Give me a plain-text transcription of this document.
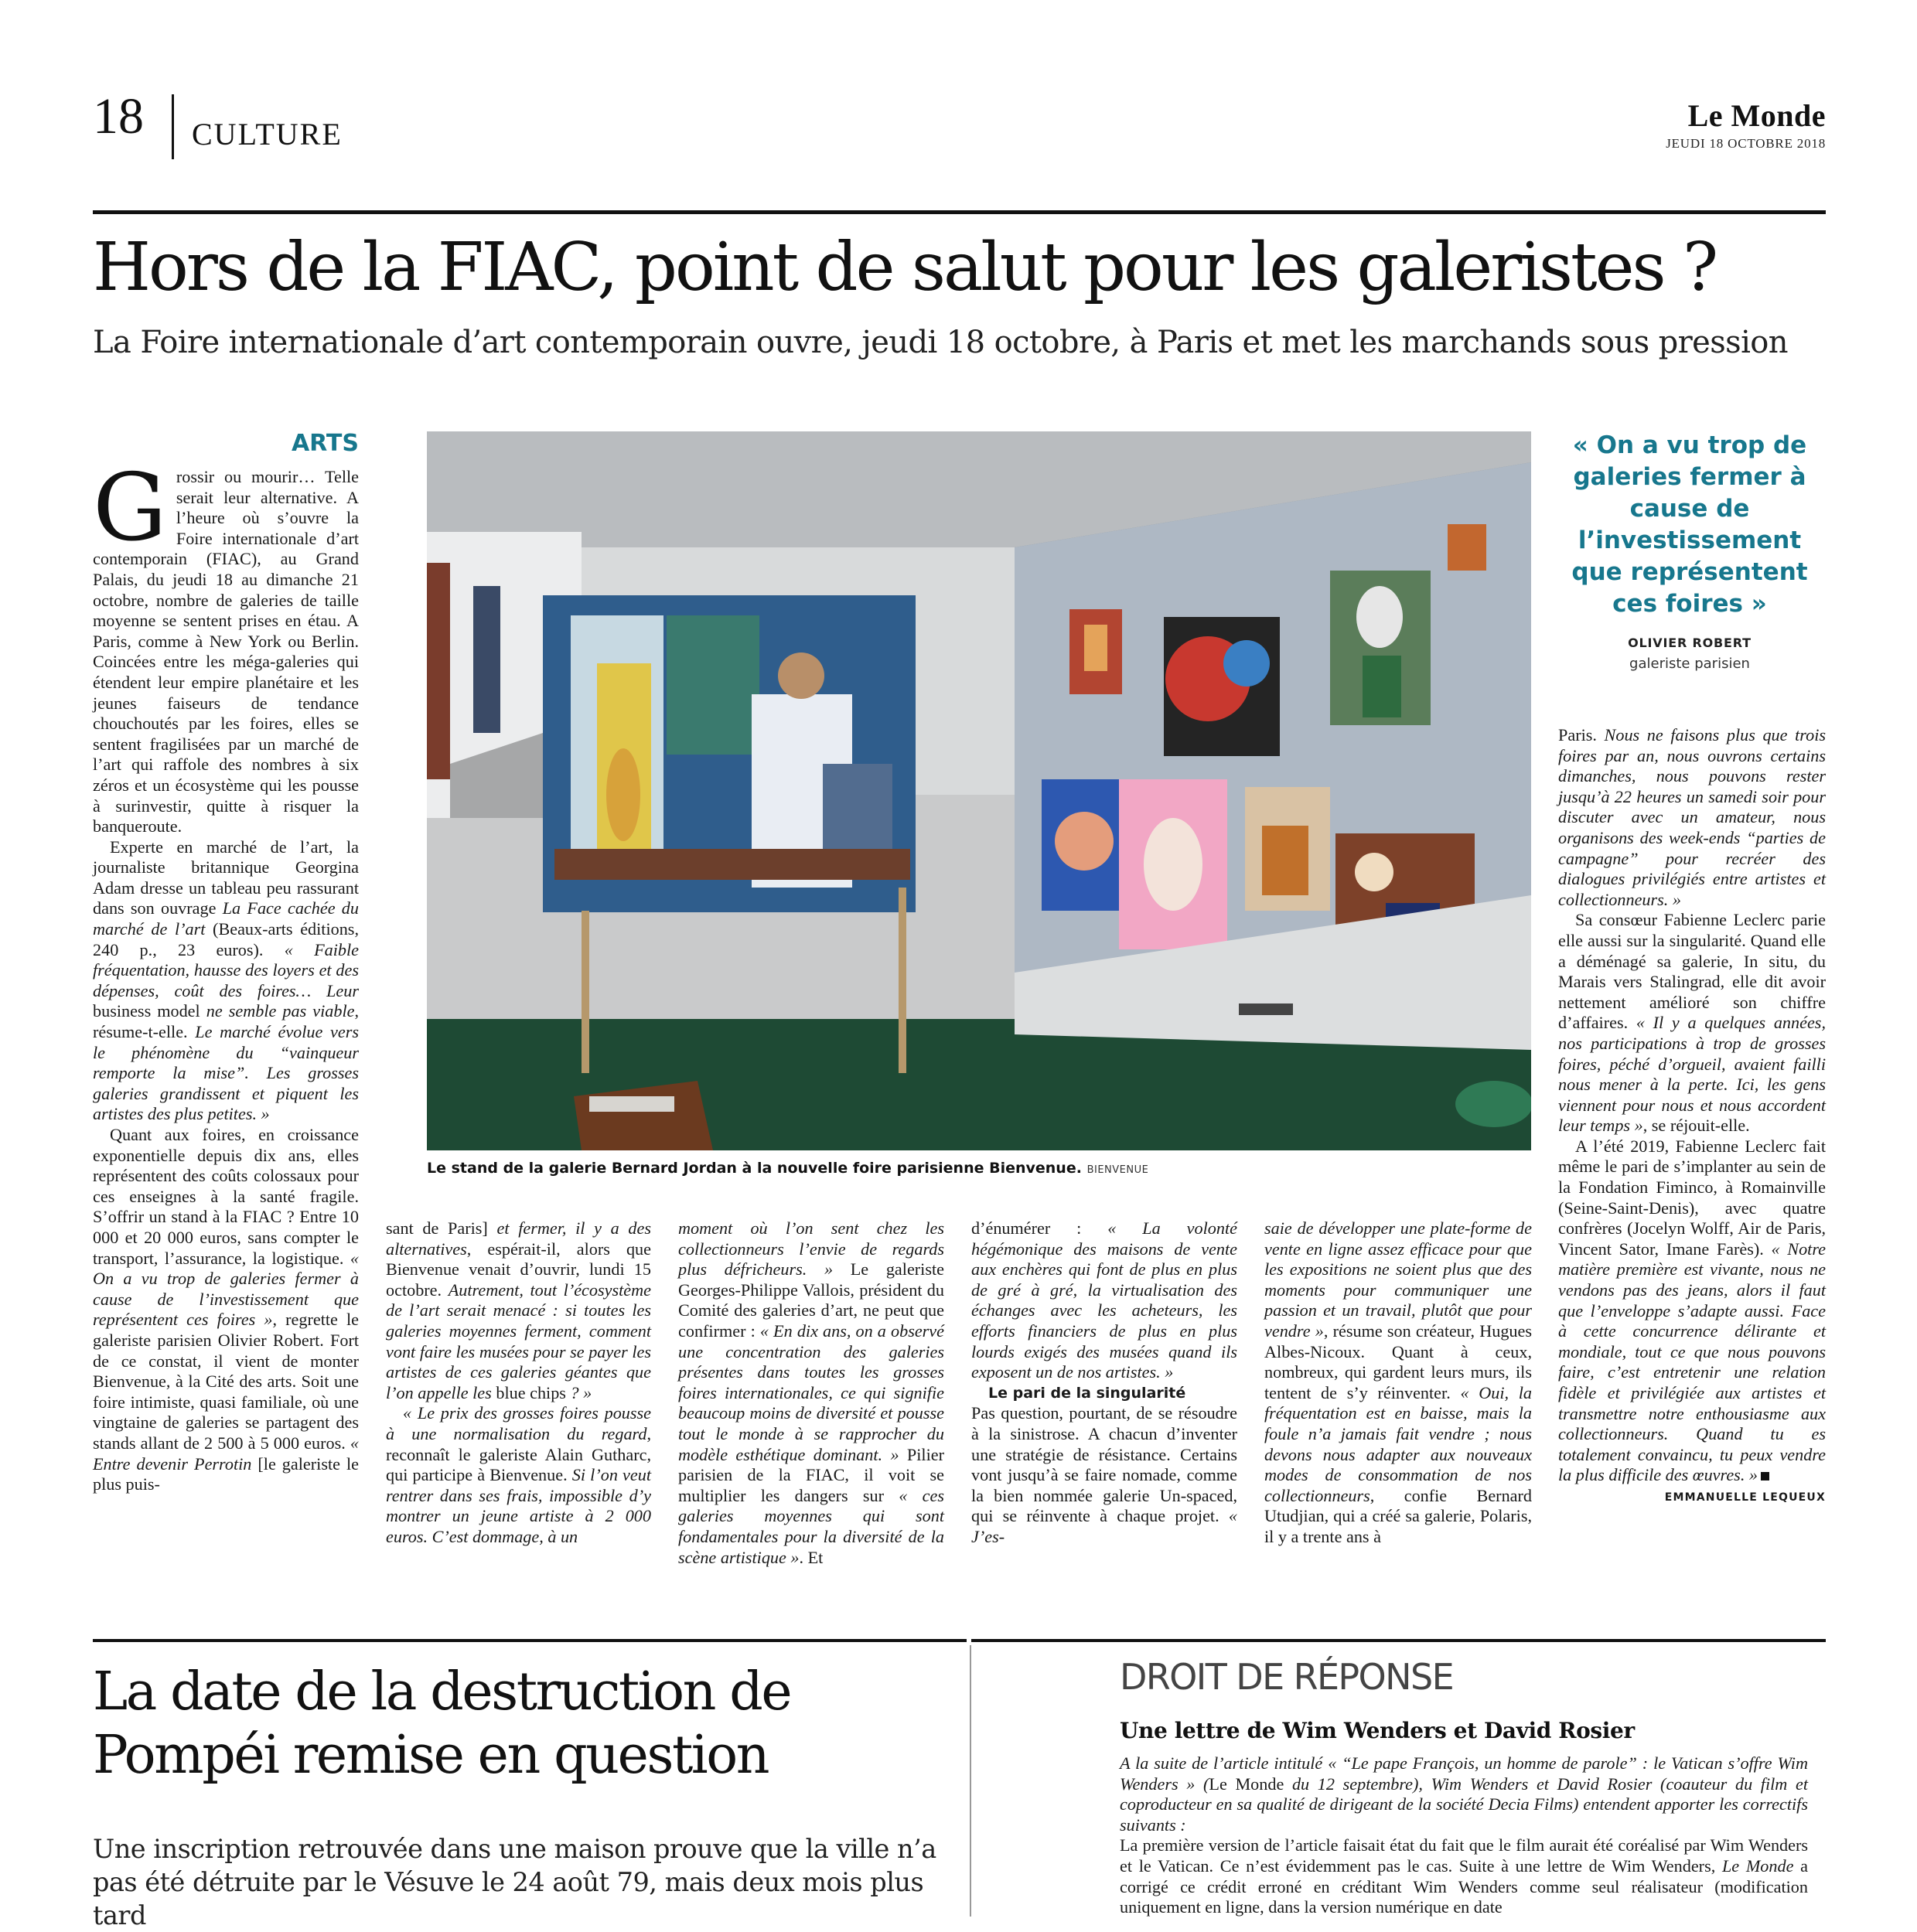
18 CULTURE
Le Monde
JEUDI 18 OCTOBRE 2018
Hors de la FIAC, point de salut pour les galeristes ?
La Foire internationale d’art contemporain ouvre, jeudi 18 octobre, à Paris et met les marchands sous pression
ARTS

Grossir ou mourir… Telle serait leur alternative. A l’heure où s’ouvre la Foire internationale d’art contemporain (FIAC), au Grand Palais, du jeudi 18 au dimanche 21 octobre, nombre de galeries de taille moyenne se sentent prises en étau. A Paris, comme à New York ou Berlin. Coincées entre les méga-galeries qui étendent leur empire planétaire et les jeunes faiseurs de tendance chouchoutés par les foires, elles se sentent fragilisées par un marché de l’art qui raffole des nombres à six zéros et un écosystème qui les pousse à surinvestir, quitte à risquer la banqueroute.

Experte en marché de l’art, la journaliste britannique Georgina Adam dresse un tableau peu rassurant dans son ouvrage La Face cachée du marché de l’art (Beaux-arts éditions, 240 p., 23 euros). « Faible fréquentation, hausse des loyers et des dépenses, coût des foires… Leur business model ne semble pas viable, résume-t-elle. Le marché évolue vers le phénomène du “vainqueur remporte la mise”. Les grosses galeries grandissent et piquent les artistes des plus petites. »

Quant aux foires, en croissance exponentielle depuis dix ans, elles représentent des coûts colossaux pour ces enseignes à la santé fragile. S’offrir un stand à la FIAC ? Entre 10 000 et 20 000 euros, sans compter le transport, l’assurance, la logistique. « On a vu trop de galeries fermer à cause de l’investissement que représentent ces foires », regrette le galeriste parisien Olivier Robert. Fort de ce constat, il vient de monter Bienvenue, à la Cité des arts. Soit une foire intimiste, quasi familiale, où une vingtaine de galeries se partagent des stands allant de 2 500 à 5 000 euros. « Entre devenir Perrotin [le galeriste le plus puis-

Le stand de la galerie Bernard Jordan à la nouvelle foire parisienne Bienvenue. BIENVENUE
« On a vu trop de galeries fermer à cause de l’investissement que représentent ces foires »
OLIVIER ROBERT
galeriste parisien

sant de Paris] et fermer, il y a des alternatives, espérait-il, alors que Bienvenue venait d’ouvrir, lundi 15 octobre. Autrement, tout l’écosystème de l’art serait menacé : si toutes les galeries moyennes ferment, comment vont faire les musées pour se payer les artistes de ces galeries géantes que l’on appelle les blue chips ? »

« Le prix des grosses foires pousse à une normalisation du regard, reconnaît le galeriste Alain Gutharc, qui participe à Bienvenue. Si l’on veut rentrer dans ses frais, impossible d’y montrer un jeune artiste à 2 000 euros. C’est dommage, à un

moment où l’on sent chez les collectionneurs l’envie de regards plus défricheurs. » Le galeriste Georges-Philippe Vallois, président du Comité des galeries d’art, ne peut que confirmer : « En dix ans, on a observé une concentration des galeries présentes dans toutes les grosses foires internationales, ce qui signifie beaucoup moins de diversité et pousse tout le monde à se rapprocher du modèle esthétique dominant. » Pilier parisien de la FIAC, il voit se multiplier les dangers sur « ces galeries moyennes qui sont fondamentales pour la diversité de la scène artistique ». Et

d’énumérer : « La volonté hégémonique des maisons de vente aux enchères qui font de plus en plus de gré à gré, la virtualisation des échanges avec les acheteurs, les efforts financiers de plus en plus lourds exigés des musées quand ils exposent un de nos artistes. »

Le pari de la singularité

Pas question, pourtant, de se résoudre à la sinistrose. A chacun d’inventer une stratégie de résistance. Certains vont jusqu’à se faire nomade, comme la bien nommée galerie Un-spaced, qui se réinvente à chaque projet. « J’es-

saie de développer une plate-forme de vente en ligne assez efficace pour que les expositions ne soient plus que des moments pour communiquer une passion et un travail, plutôt que pour vendre », résume son créateur, Hugues Albes-Nicoux. Quant à ceux, nombreux, qui gardent leurs murs, ils tentent de s’y réinventer. « Oui, la fréquentation est en baisse, mais la foule n’a jamais fait vendre ; nous devons nous adapter aux nouveaux modes de consommation de nos collectionneurs, confie Bernard Utudjian, qui a créé sa galerie, Polaris, il y a trente ans à

Paris. Nous ne faisons plus que trois foires par an, nous ouvrons certains dimanches, nous pouvons rester jusqu’à 22 heures un samedi soir pour discuter avec un amateur, nous organisons des week-ends “parties de campagne” pour recréer des dialogues privilégiés entre artistes et collectionneurs. »

Sa consœur Fabienne Leclerc parie elle aussi sur la singularité. Quand elle a déménagé sa galerie, In situ, du Marais vers Stalingrad, elle dit avoir nettement amélioré son chiffre d’affaires. « Il y a quelques années, nos participations à trop de grosses foires, péché d’orgueil, avaient failli nous mener à la perte. Ici, les gens viennent pour nous et nous accordent leur temps », se réjouit-elle.

A l’été 2019, Fabienne Leclerc fait même le pari de s’implanter au sein de la Fondation Fiminco, à Romainville (Seine-Saint-Denis), avec quatre confrères (Jocelyn Wolff, Air de Paris, Vincent Sator, Imane Farès). « Notre matière première est vivante, nous ne vendons pas des jeans, alors il faut que l’enveloppe s’adapte aussi. Face à cette concurrence délirante et mondiale, tout ce que nous pouvons faire, c’est entretenir une relation fidèle et privilégiée aux artistes et transmettre notre enthousiasme aux collectionneurs. Quand tu es totalement convaincu, tu peux vendre la plus difficile des œuvres. »

EMMANUELLE LEQUEUX
La date de la destruction de Pompéi remise en question
Une inscription retrouvée dans une maison prouve que la ville n’a pas été détruite par le Vésuve le 24 août 79, mais deux mois plus tard
DROIT DE RÉPONSE
Une lettre de Wim Wenders et David Rosier

A la suite de l’article intitulé « “Le pape François, un homme de parole” : le Vatican s’offre Wim Wenders » (Le Monde du 12 septembre), Wim Wenders et David Rosier (coauteur du film et coproducteur en sa qualité de dirigeant de la société Decia Films) entendent apporter les correctifs suivants :

La première version de l’article faisait état du fait que le film aurait été coréalisé par Wim Wenders et le Vatican. Ce n’est évidemment pas le cas. Suite à une lettre de Wim Wenders, Le Monde a corrigé ce crédit erroné en créditant Wim Wenders comme seul réalisateur (modification uniquement en ligne, dans la version numérique en date
